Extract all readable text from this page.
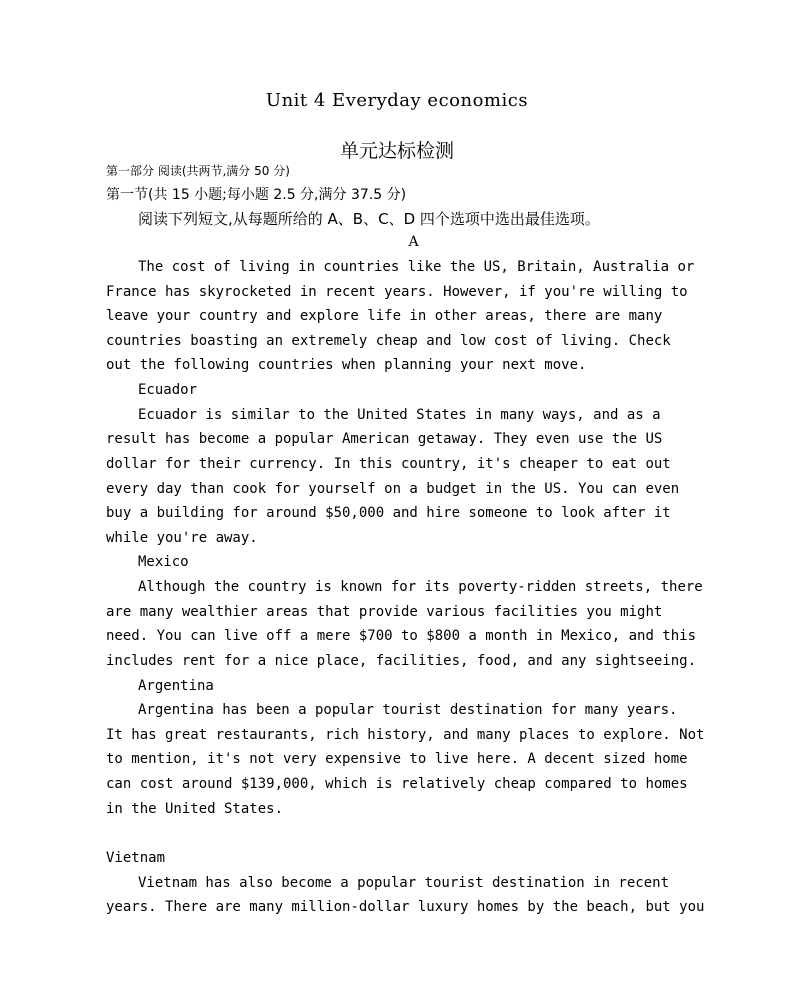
Unit 4 Everyday economics
单元达标检测
第一部分 阅读(共两节,满分 50 分)
第一节(共 15 小题;每小题 2.5 分,满分 37.5 分)
阅读下列短文,从每题所给的 A、B、C、D 四个选项中选出最佳选项。
A
The cost of living in countries like the US, Britain, Australia or
France has skyrocketed in recent years. However, if you're willing to
leave your country and explore life in other areas, there are many
countries boasting an extremely cheap and low cost of living. Check
out the following countries when planning your next move.
Ecuador
Ecuador is similar to the United States in many ways, and as a
result has become a popular American getaway. They even use the US
dollar for their currency. In this country, it's cheaper to eat out
every day than cook for yourself on a budget in the US. You can even
buy a building for around $50,000 and hire someone to look after it
while you're away.
Mexico
Although the country is known for its poverty-ridden streets, there
are many wealthier areas that provide various facilities you might
need. You can live off a mere $700 to $800 a month in Mexico, and this
includes rent for a nice place, facilities, food, and any sightseeing.
Argentina
Argentina has been a popular tourist destination for many years.
It has great restaurants, rich history, and many places to explore. Not
to mention, it's not very expensive to live here. A decent sized home
can cost around $139,000, which is relatively cheap compared to homes
in the United States.
Vietnam
Vietnam has also become a popular tourist destination in recent
years. There are many million-dollar luxury homes by the beach, but you
